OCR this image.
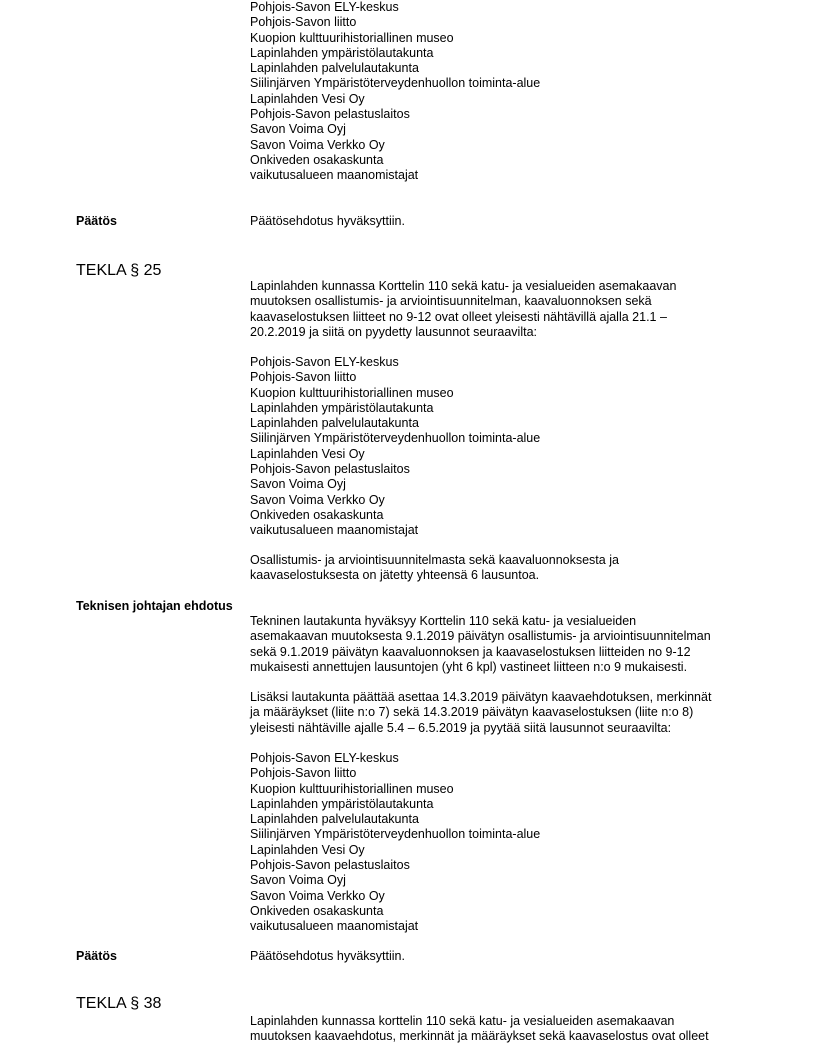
Pohjois-Savon ELY-keskus
Pohjois-Savon liitto
Kuopion kulttuurihistoriallinen museo
Lapinlahden ympäristölautakunta
Lapinlahden palvelulautakunta
Siilinjärven Ympäristöterveydenhuollon toiminta-alue
Lapinlahden Vesi Oy
Pohjois-Savon pelastuslaitos
Savon Voima Oyj
Savon Voima Verkko Oy
Onkiveden osakaskunta
vaikutusalueen maanomistajat
Päätös	Päätösehdotus hyväksyttiin.
TEKLA § 25
Lapinlahden kunnassa Korttelin 110 sekä katu- ja vesialueiden asemakaavan
muutoksen osallistumis- ja arviointisuunnitelman, kaavaluonnoksen sekä
kaavaselostuksen liitteet no 9-12 ovat olleet yleisesti nähtävillä ajalla 21.1 –
20.2.2019 ja siitä on pyydetty lausunnot seuraavilta:
Pohjois-Savon ELY-keskus
Pohjois-Savon liitto
Kuopion kulttuurihistoriallinen museo
Lapinlahden ympäristölautakunta
Lapinlahden palvelulautakunta
Siilinjärven Ympäristöterveydenhuollon toiminta-alue
Lapinlahden Vesi Oy
Pohjois-Savon pelastuslaitos
Savon Voima Oyj
Savon Voima Verkko Oy
Onkiveden osakaskunta
vaikutusalueen maanomistajat
Osallistumis- ja arviointisuunnitelmasta sekä kaavaluonnoksesta ja
kaavaselostuksesta on jätetty yhteensä 6 lausuntoa.
Teknisen johtajan ehdotus
Tekninen lautakunta hyväksyy Korttelin 110 sekä katu- ja vesialueiden
asemakaavan muutoksesta 9.1.2019 päivätyn osallistumis- ja arviointisuunnitelman
sekä 9.1.2019 päivätyn kaavaluonnoksen ja kaavaselostuksen liitteiden no 9-12
mukaisesti annettujen lausuntojen (yht 6 kpl) vastineet liitteen n:o 9 mukaisesti.
Lisäksi lautakunta päättää asettaa 14.3.2019 päivätyn kaavaehdotuksen, merkinnät
ja määräykset (liite n:o 7) sekä 14.3.2019 päivätyn kaavaselostuksen (liite n:o 8)
yleisesti nähtäville ajalle 5.4 – 6.5.2019 ja pyytää siitä lausunnot seuraavilta:
Pohjois-Savon ELY-keskus
Pohjois-Savon liitto
Kuopion kulttuurihistoriallinen museo
Lapinlahden ympäristölautakunta
Lapinlahden palvelulautakunta
Siilinjärven Ympäristöterveydenhuollon toiminta-alue
Lapinlahden Vesi Oy
Pohjois-Savon pelastuslaitos
Savon Voima Oyj
Savon Voima Verkko Oy
Onkiveden osakaskunta
vaikutusalueen maanomistajat
Päätös	Päätösehdotus hyväksyttiin.
TEKLA § 38
Lapinlahden kunnassa korttelin 110 sekä katu- ja vesialueiden asemakaavan
muutoksen kaavaehdotus, merkinnät ja määräykset sekä kaavaselostus ovat olleet
